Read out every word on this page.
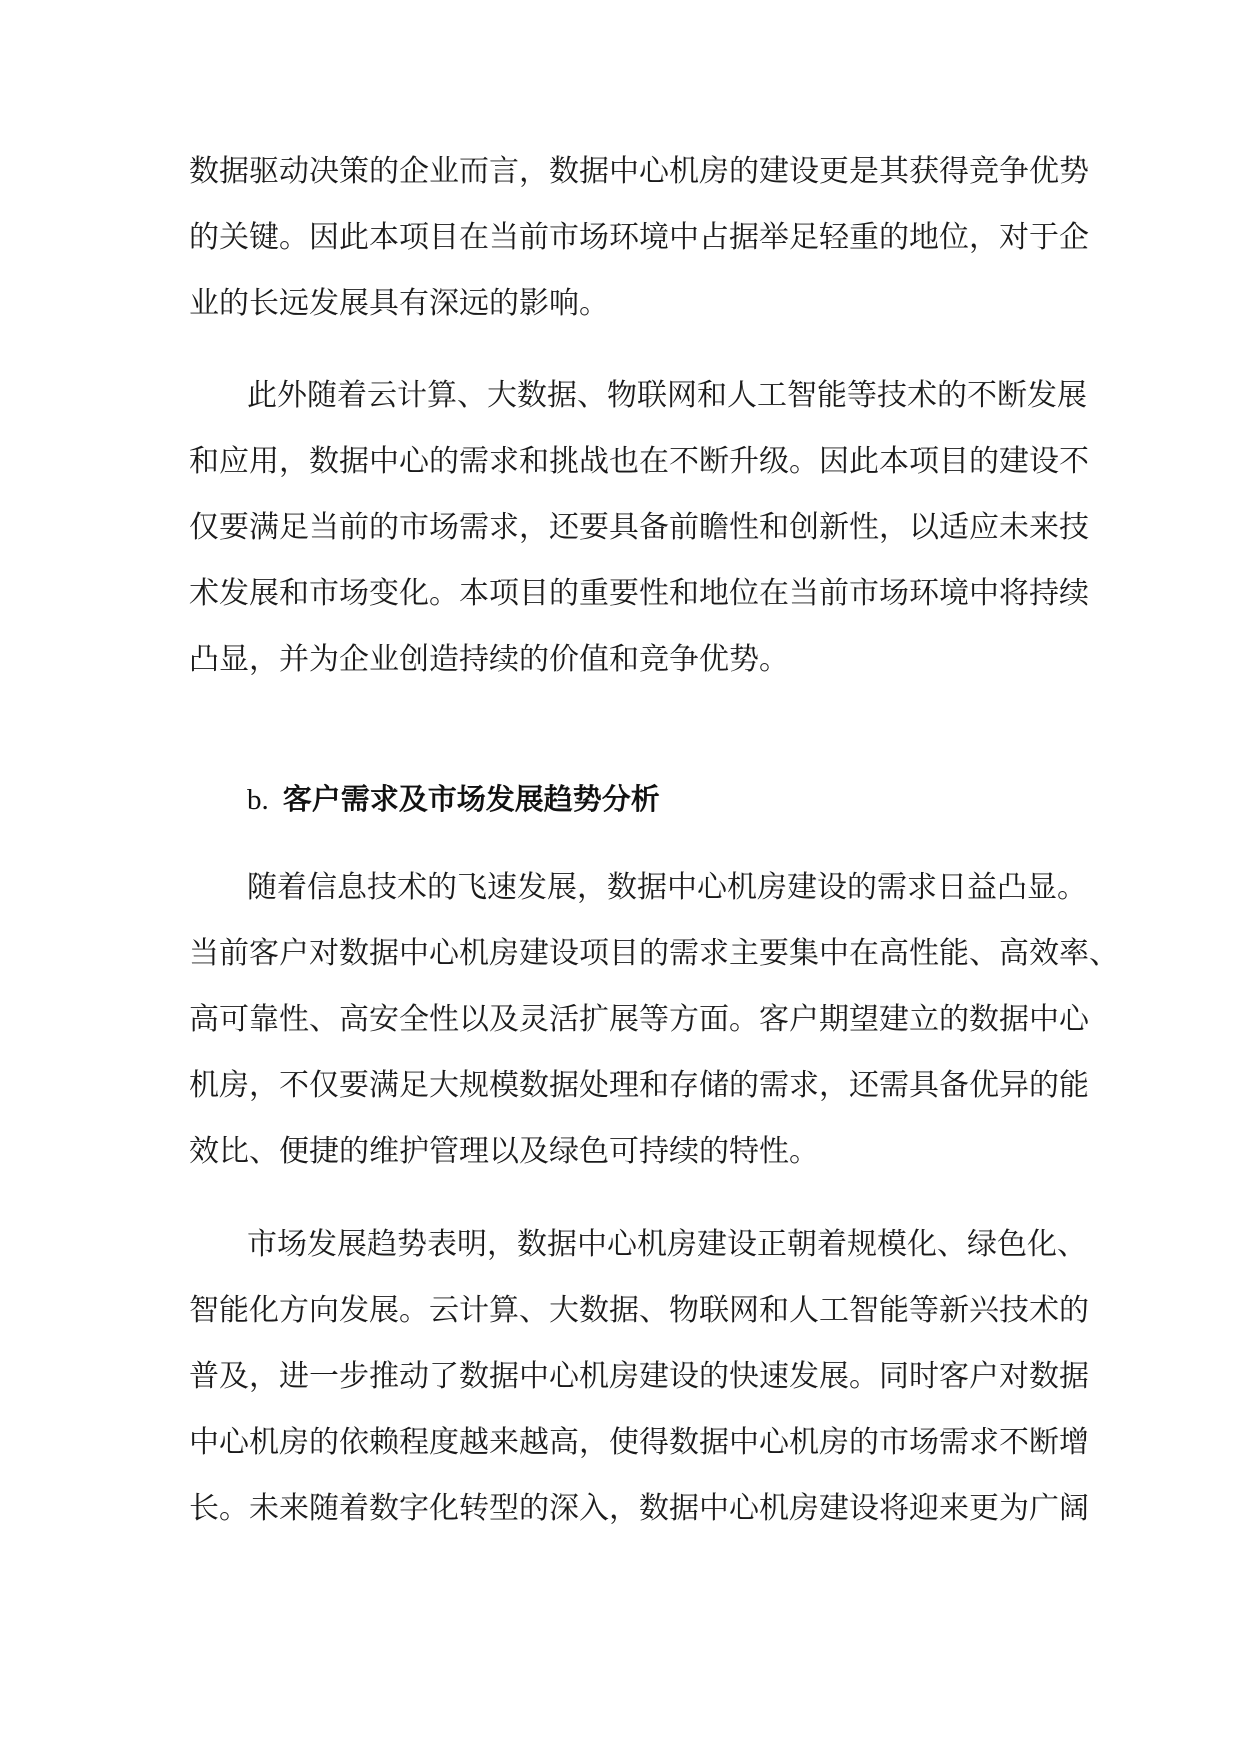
数据驱动决策的企业而言，数据中心机房的建设更是其获得竞争优势
的关键。因此本项目在当前市场环境中占据举足轻重的地位，对于企
业的长远发展具有深远的影响。
此外随着云计算、大数据、物联网和人工智能等技术的不断发展
和应用，数据中心的需求和挑战也在不断升级。因此本项目的建设不
仅要满足当前的市场需求，还要具备前瞻性和创新性，以适应未来技
术发展和市场变化。本项目的重要性和地位在当前市场环境中将持续
凸显，并为企业创造持续的价值和竞争优势。
b. 客户需求及市场发展趋势分析
随着信息技术的飞速发展，数据中心机房建设的需求日益凸显。
当前客户对数据中心机房建设项目的需求主要集中在高性能、高效率、
高可靠性、高安全性以及灵活扩展等方面。客户期望建立的数据中心
机房，不仅要满足大规模数据处理和存储的需求，还需具备优异的能
效比、便捷的维护管理以及绿色可持续的特性。
市场发展趋势表明，数据中心机房建设正朝着规模化、绿色化、
智能化方向发展。云计算、大数据、物联网和人工智能等新兴技术的
普及，进一步推动了数据中心机房建设的快速发展。同时客户对数据
中心机房的依赖程度越来越高，使得数据中心机房的市场需求不断增
长。未来随着数字化转型的深入，数据中心机房建设将迎来更为广阔
